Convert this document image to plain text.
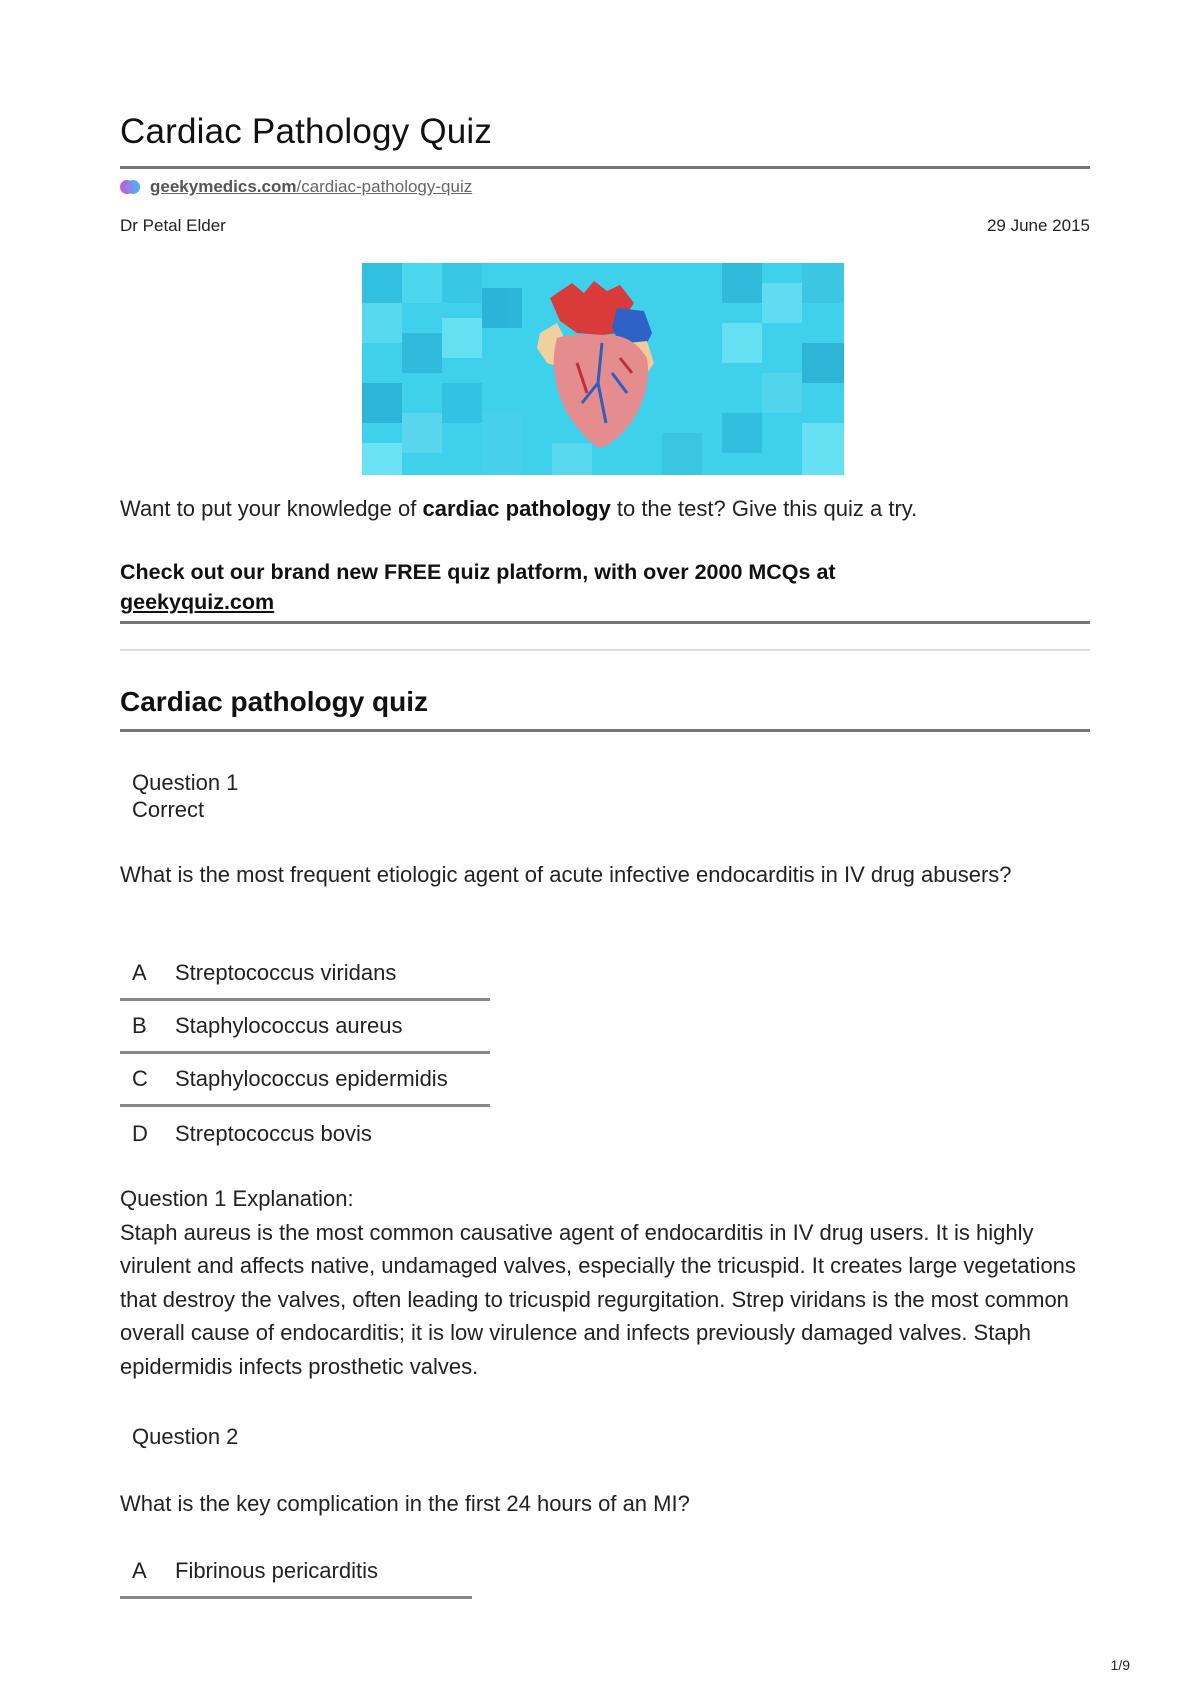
Cardiac Pathology Quiz
geekymedics.com/cardiac-pathology-quiz
Dr Petal Elder	29 June 2015

Want to put your knowledge of cardiac pathology to the test? Give this quiz a try.

Check out our brand new FREE quiz platform, with over 2000 MCQs at
geekyquiz.com
Cardiac pathology quiz
Question 1
Correct
What is the most frequent etiologic agent of acute infective endocarditis in IV drug abusers?
A	Streptococcus viridans
B	Staphylococcus aureus
C	Staphylococcus epidermidis
D	Streptococcus bovis
Question 1 Explanation:
Staph aureus is the most common causative agent of endocarditis in IV drug users. It is highly virulent and affects native, undamaged valves, especially the tricuspid. It creates large vegetations that destroy the valves, often leading to tricuspid regurgitation. Strep viridans is the most common overall cause of endocarditis; it is low virulence and infects previously damaged valves. Staph epidermidis infects prosthetic valves.
Question 2
What is the key complication in the first 24 hours of an MI?
A	Fibrinous pericarditis
1/9
